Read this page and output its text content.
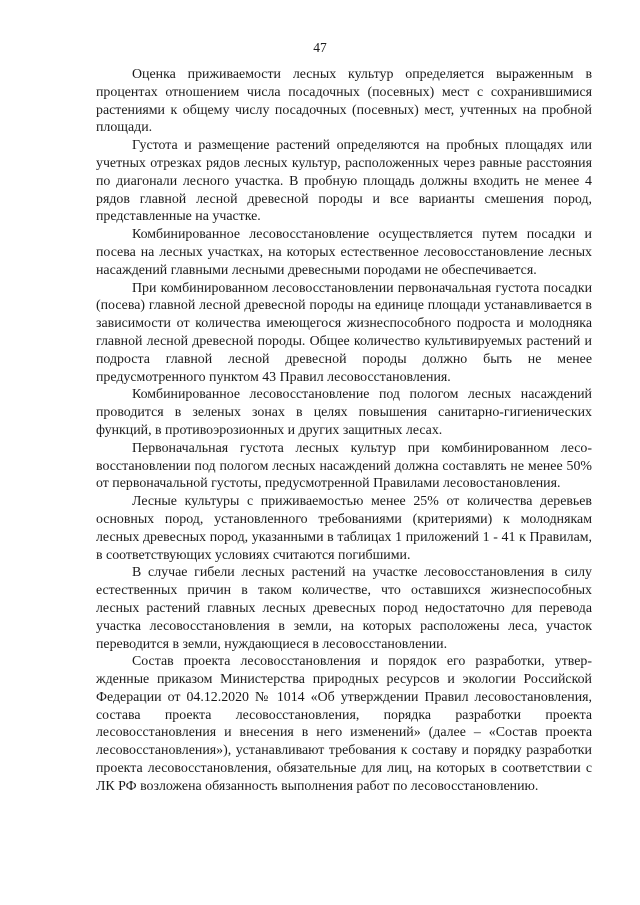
47

Оценка приживаемости лесных культур определяется выраженным в процентах отношением числа посадочных (посевных) мест с сохранившимися растениями к общему числу посадочных (посевных) мест, учтенных на пробной площади.

Густота и размещение растений определяются на пробных площадях или учетных отрезках рядов лесных культур, расположенных через равные расстояния по диагонали лесного участка. В пробную площадь должны входить не менее 4 рядов главной лесной древесной породы и все варианты смешения пород, представленные на участке.

Комбинированное лесовосстановление осуществляется путем посадки и посева на лесных участках, на которых естественное лесовосстановление лесных насаждений главными лесными древесными породами не обеспечивается.

При комбинированном лесовосстановлении первоначальная густота посадки (посева) главной лесной древесной породы на единице площади устанавливается в зависимости от количества имеющегося жизнеспособного подроста и молодняка главной лесной древесной породы. Общее количество культивируемых растений и подроста главной лесной древесной породы должно быть не менее предусмотренного пунктом 43 Правил лесовосстановления.

Комбинированное лесовосстановление под пологом лесных насаждений проводится в зеленых зонах в целях повышения санитарно-гигиенических функций, в противоэрозионных и других защитных лесах.

Первоначальная густота лесных культур при комбинированном лесовосстановлении под пологом лесных насаждений должна составлять не менее 50% от первоначальной густоты, предусмотренной Правилами лесовостановления.

Лесные культуры с приживаемостью менее 25% от количества деревьев основных пород, установленного требованиями (критериями) к молоднякам лесных древесных пород, указанными в таблицах 1 приложений 1 - 41 к Правилам, в соответствующих условиях считаются погибшими.

В случае гибели лесных растений на участке лесовосстановления в силу естественных причин в таком количестве, что оставшихся жизнеспособных лесных растений главных лесных древесных пород недостаточно для перевода участка лесовосстановления в земли, на которых расположены леса, участок переводится в земли, нуждающиеся в лесовосстановлении.

Состав проекта лесовосстановления и порядок его разработки, утвержденные приказом Министерства природных ресурсов и экологии Российской Федерации от 04.12.2020 № 1014 «Об утверждении Правил лесовостановления, состава проекта лесовосстановления, порядка разработки проекта лесовосстановления и внесения в него изменений» (далее – «Состав проекта лесовосстановления»), устанавливают требования к составу и порядку разработки проекта лесовосстановления, обязательные для лиц, на которых в соответствии с ЛК РФ возложена обязанность выполнения работ по лесовосстановлению.
